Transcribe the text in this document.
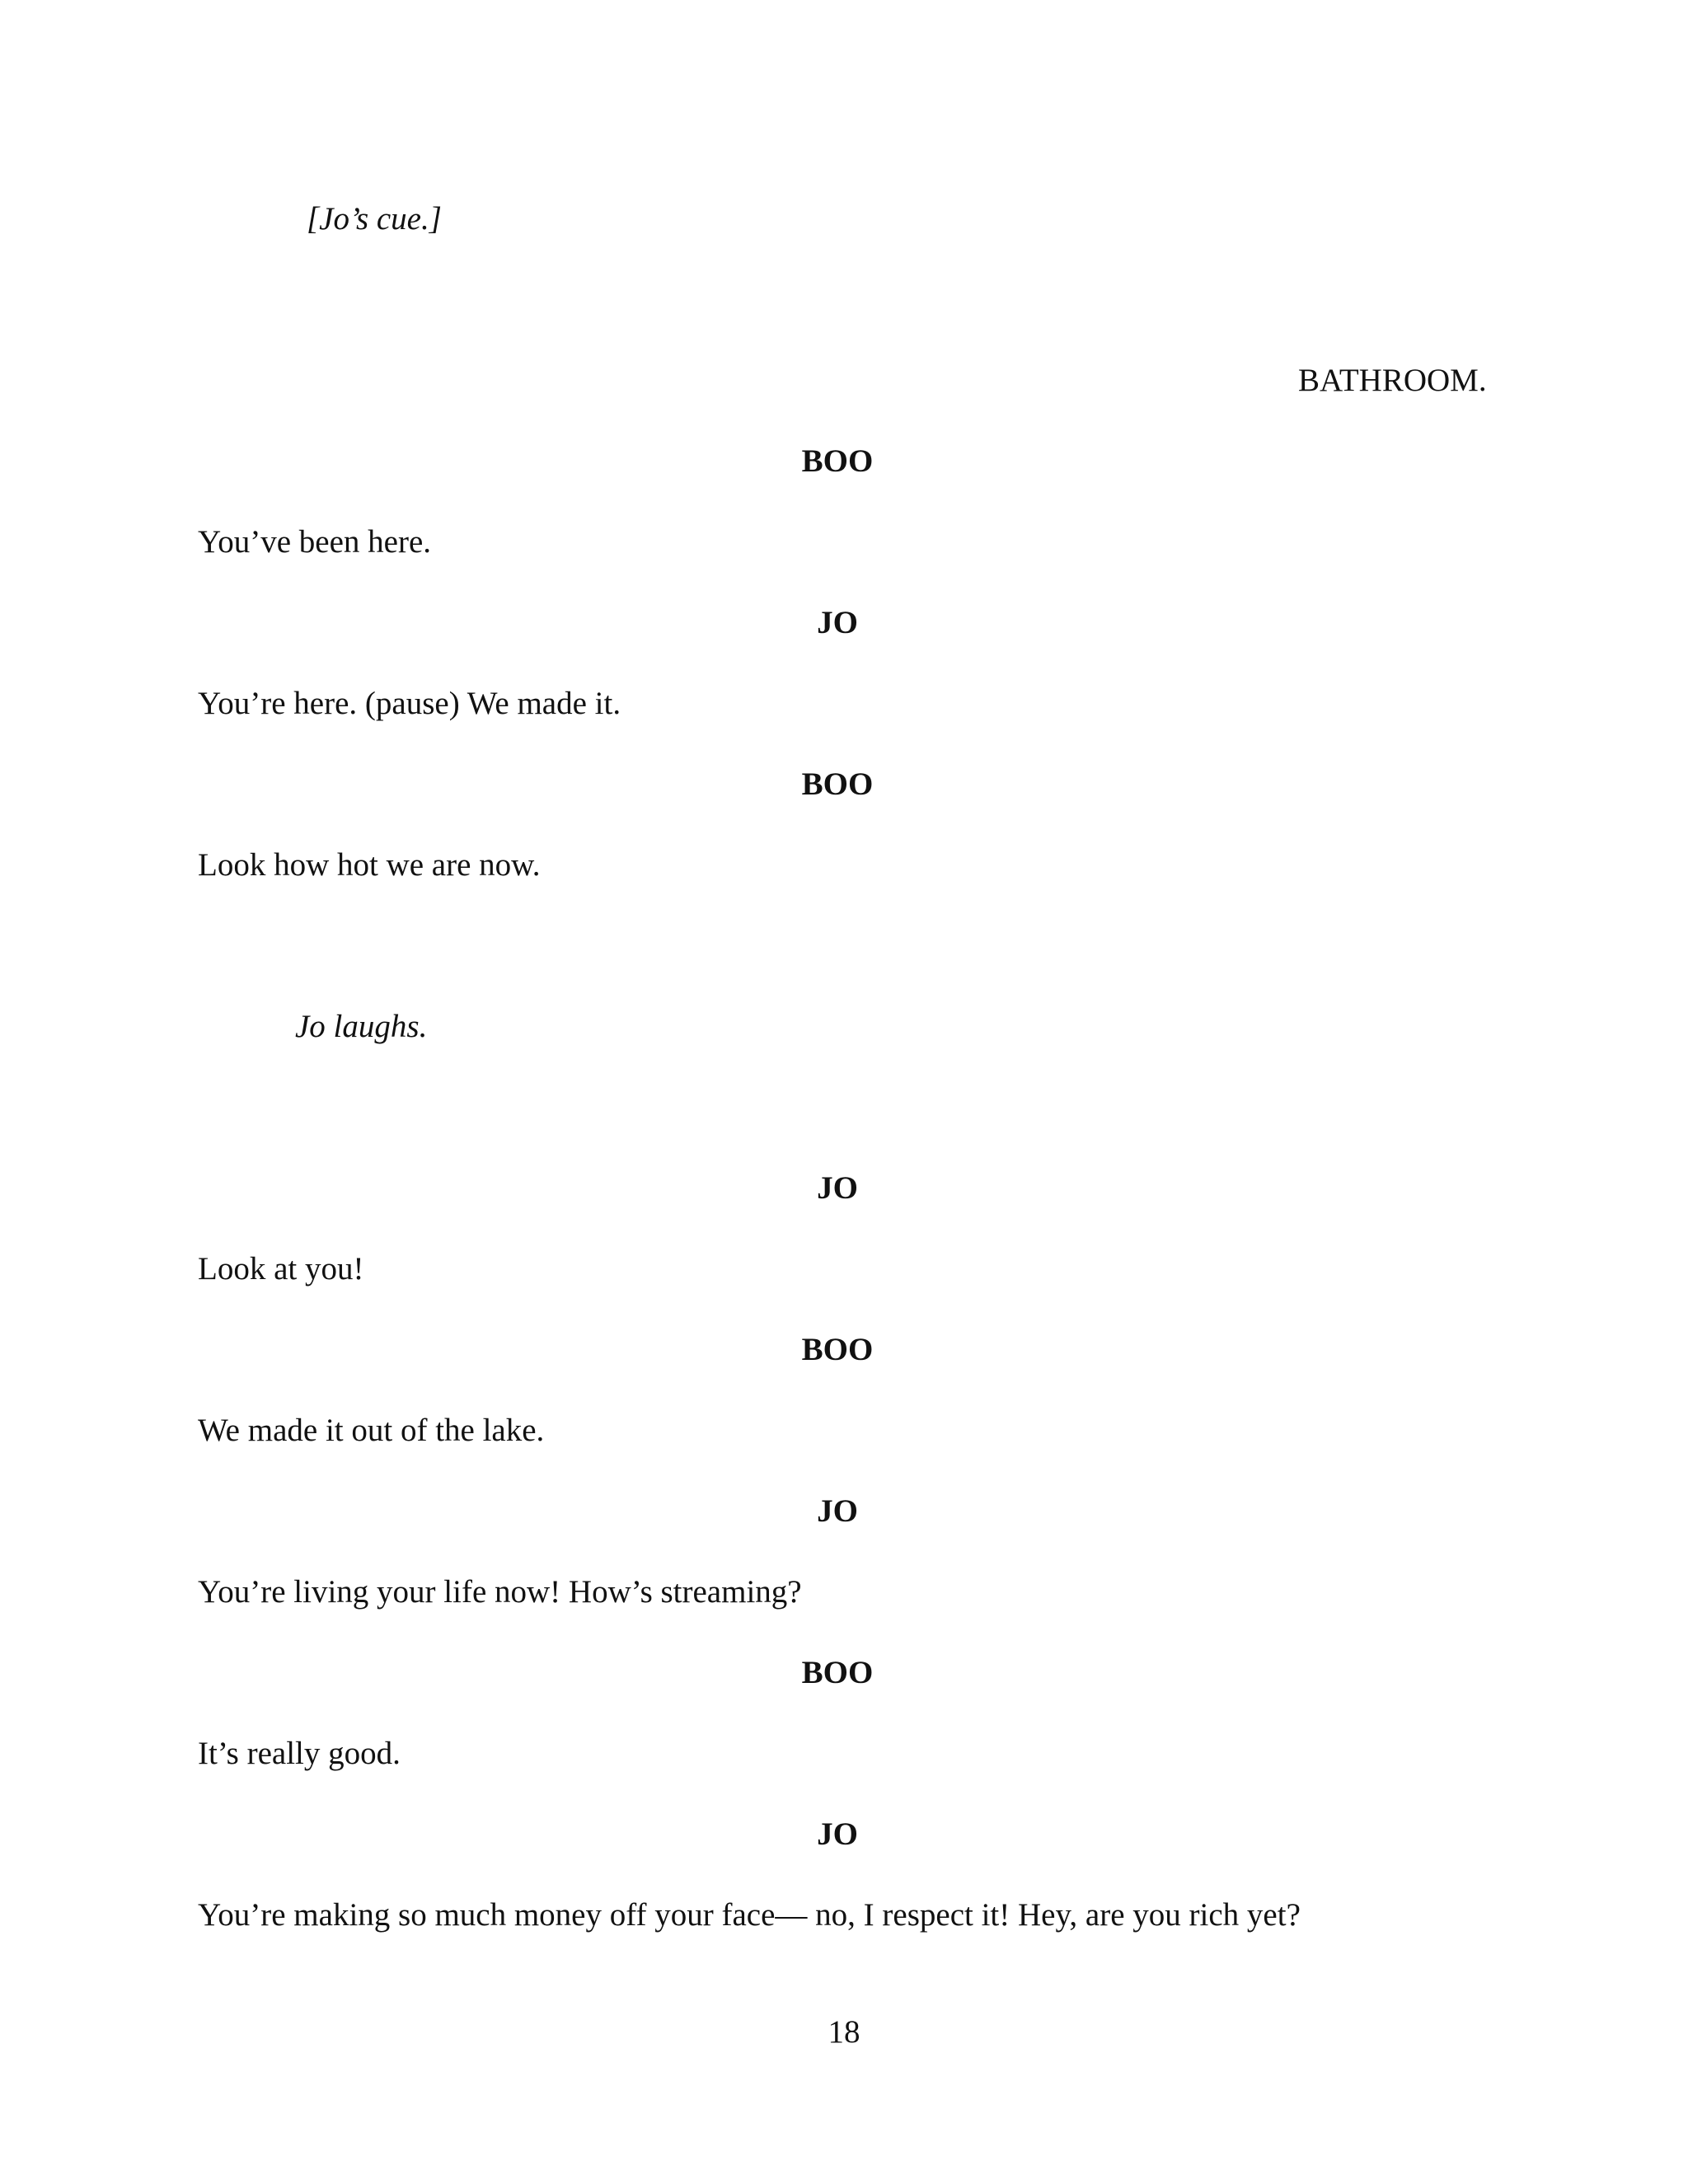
[Jo’s cue.]

BATHROOM.

BOO

You’ve been here.

JO

You’re here. (pause) We made it.

BOO

Look how hot we are now.

Jo laughs.

JO

Look at you!

BOO

We made it out of the lake.

JO

You’re living your life now! How’s streaming?

BOO

It’s really good.

JO

You’re making so much money off your face— no, I respect it! Hey, are you rich yet?

18
